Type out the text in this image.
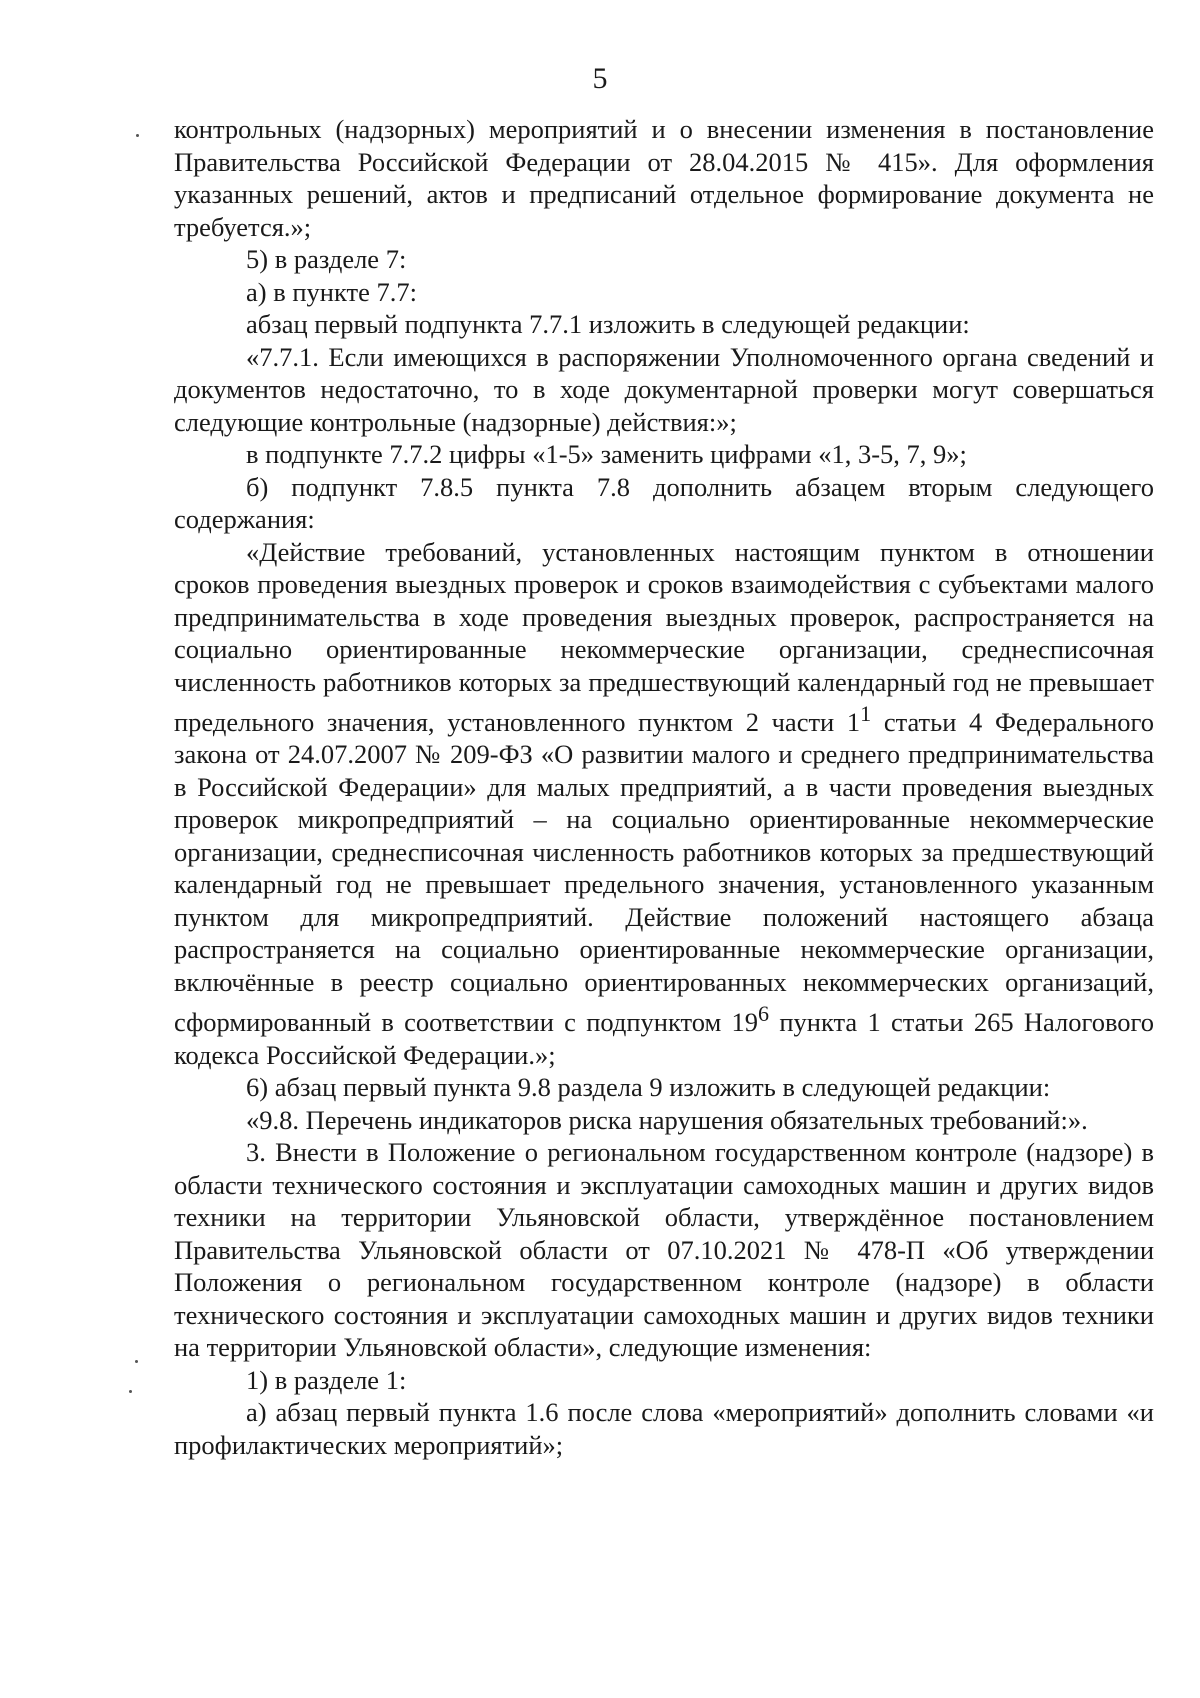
5

контрольных (надзорных) мероприятий и о внесении изменения в постановление Правительства Российской Федерации от 28.04.2015 № 415». Для оформления указанных решений, актов и предписаний отдельное формирование документа не требуется.»;

5) в разделе 7:

а) в пункте 7.7:

абзац первый подпункта 7.7.1 изложить в следующей редакции:

«7.7.1. Если имеющихся в распоряжении Уполномоченного органа сведений и документов недостаточно, то в ходе документарной проверки могут совершаться следующие контрольные (надзорные) действия:»;

в подпункте 7.7.2 цифры «1-5» заменить цифрами «1, 3-5, 7, 9»;

б) подпункт 7.8.5 пункта 7.8 дополнить абзацем вторым следующего содержания:

«Действие требований, установленных настоящим пунктом в отношении сроков проведения выездных проверок и сроков взаимодействия с субъектами малого предпринимательства в ходе проведения выездных проверок, распространяется на социально ориентированные некоммерческие организации, среднесписочная численность работников которых за предшествующий календарный год не превышает предельного значения, установленного пунктом 2 части $1^1$ статьи 4 Федерального закона от 24.07.2007 № 209-ФЗ «О развитии малого и среднего предпринимательства в Российской Федерации» для малых предприятий, а в части проведения выездных проверок микропредприятий – на социально ориентированные некоммерческие организации, среднесписочная численность работников которых за предшествующий календарный год не превышает предельного значения, установленного указанным пунктом для микропредприятий. Действие положений настоящего абзаца распространяется на социально ориентированные некоммерческие организации, включённые в реестр социально ориентированных некоммерческих организаций, сформированный в соответствии с подпунктом $19^6$ пункта 1 статьи 265 Налогового кодекса Российской Федерации.»;

6) абзац первый пункта 9.8 раздела 9 изложить в следующей редакции:

«9.8. Перечень индикаторов риска нарушения обязательных требований:».

3. Внести в Положение о региональном государственном контроле (надзоре) в области технического состояния и эксплуатации самоходных машин и других видов техники на территории Ульяновской области, утверждённое постановлением Правительства Ульяновской области от 07.10.2021 № 478-П «Об утверждении Положения о региональном государственном контроле (надзоре) в области технического состояния и эксплуатации самоходных машин и других видов техники на территории Ульяновской области», следующие изменения:

1) в разделе 1:

а) абзац первый пункта 1.6 после слова «мероприятий» дополнить словами «и профилактических мероприятий»;
